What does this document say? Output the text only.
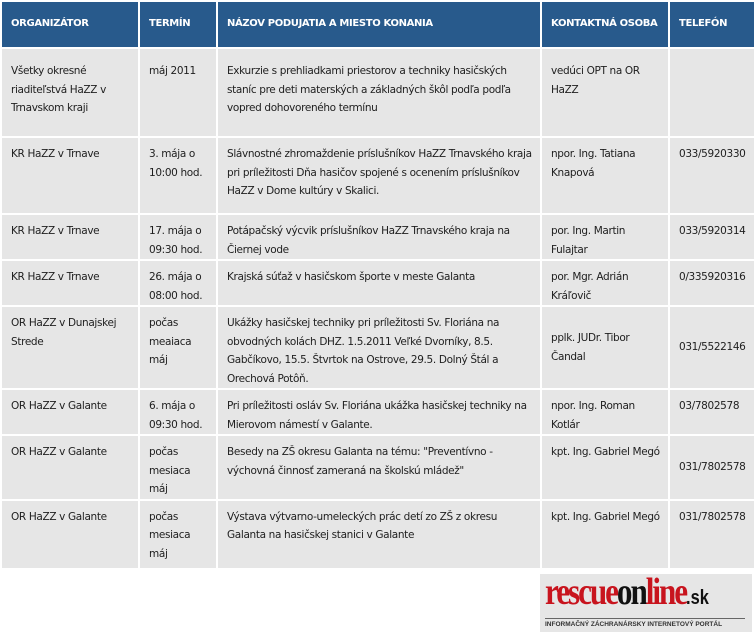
ORGANIZÁTOR	TERMÍN	NÁZOV PODUJATIA A MIESTO KONANIA	KONTAKTNÁ OSOBA	TELEFÓN
Všetky okresné riaditeľstvá HaZZ v Trnavskom kraji	máj 2011	Exkurzie s prehliadkami priestorov a techniky hasičských staníc pre deti materských a základných škôl podľa podľa vopred dohovoreného termínu	vedúci OPT na OR HaZZ	
KR HaZZ v Trnave	3. mája o 10:00 hod.	Slávnostné zhromaždenie príslušníkov HaZZ Trnavského kraja pri príležitosti Dňa hasičov spojené s ocenením príslušníkov HaZZ v Dome kultúry v Skalici.	npor. Ing. Tatiana Knapová	033/5920330
KR HaZZ v Trnave	17. mája o 09:30 hod.	Potápačský výcvik príslušníkov HaZZ Trnavského kraja na Čiernej vode	por. Ing. Martin Fulajtar	033/5920314
KR HaZZ v Trnave	26. mája o 08:00 hod.	Krajská súťaž v hasičskom športe v meste Galanta	por. Mgr. Adrián Kráľovič	0/335920316
OR HaZZ v Dunajskej Strede	počas meaiaca máj	Ukážky hasičskej techniky pri príležitosti Sv. Floriána na obvodných kolách DHZ. 1.5.2011 Veľké Dvorníky, 8.5. Gabčíkovo, 15.5. Štvrtok na Ostrove, 29.5. Dolný Štál a Orechová Potôň.	pplk. JUDr. Tibor Čandal	031/5522146
OR HaZZ v Galante	6. mája o 09:30 hod.	Pri príležitosti osláv Sv. Floriána ukážka hasičskej techniky na Mierovom námestí v Galante.	npor. Ing. Roman Kotlár	03/7802578
OR HaZZ v Galante	počas mesiaca máj	Besedy na ZŠ okresu Galanta na tému: "Preventívno - výchovná činnosť zameraná na školskú mládež"	kpt. Ing. Gabriel Megó	031/7802578
OR HaZZ v Galante	počas mesiaca máj	Výstava výtvarno-umeleckých prác detí zo ZŠ z okresu Galanta na hasičskej stanici v Galante	kpt. Ing. Gabriel Megó	031/7802578
rescueonline.sk
INFORMAČNÝ ZÁCHRANÁRSKY INTERNETOVÝ PORTÁL
